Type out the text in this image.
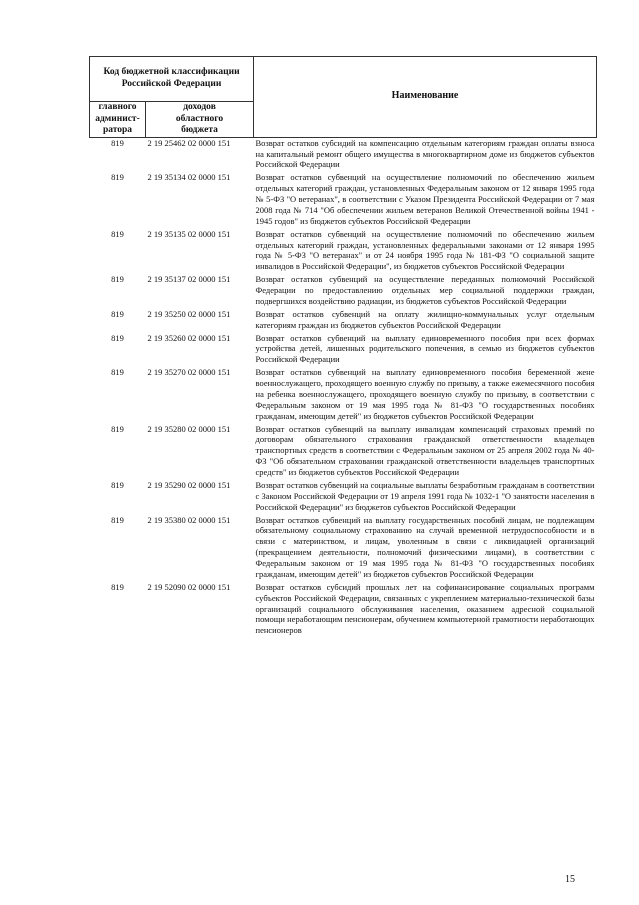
Код бюджетной классификации Российской Федерации		Наименование
главного
админист-
ратора	доходов
областного
бюджета	
819	2 19 25462 02 0000 151	Возврат остатков субсидий на компенсацию отдельным категориям граждан оплаты взноса на капитальный ремонт общего имущества в многоквартирном доме из бюджетов субъектов Российской Федерации
819	2 19 35134 02 0000 151	Возврат остатков субвенций на осуществление полномочий по обеспечению жильем отдельных категорий граждан, установленных Федеральным законом от 12 января 1995 года № 5-ФЗ "О ветеранах", в соответствии с Указом Президента Российской Федерации от 7 мая 2008 года № 714 "Об обеспечении жильем ветеранов Великой Отечественной войны 1941 - 1945 годов" из бюджетов субъектов Российской Федерации
819	2 19 35135 02 0000 151	Возврат остатков субвенций на осуществление полномочий по обеспечению жильем отдельных категорий граждан, установленных федеральными законами от 12 января 1995 года № 5-ФЗ "О ветеранах" и от 24 ноября 1995 года № 181-ФЗ "О социальной защите инвалидов в Российской Федерации", из бюджетов субъектов Российской Федерации
819	2 19 35137 02 0000 151	Возврат остатков субвенций на осуществление переданных полномочий Российской Федерации по предоставлению отдельных мер социальной поддержки граждан, подвергшихся воздействию радиации, из бюджетов субъектов Российской Федерации
819	2 19 35250 02 0000 151	Возврат остатков субвенций на оплату жилищно-коммунальных услуг отдельным категориям граждан из бюджетов субъектов Российской Федерации
819	2 19 35260 02 0000 151	Возврат остатков субвенций на выплату единовременного пособия при всех формах устройства детей, лишенных родительского попечения, в семью из бюджетов субъектов Российской Федерации
819	2 19 35270 02 0000 151	Возврат остатков субвенций на выплату единовременного пособия беременной жене военнослужащего, проходящего военную службу по призыву, а также ежемесячного пособия на ребенка военнослужащего, проходящего военную службу по призыву, в соответствии с Федеральным законом от 19 мая 1995 года № 81-ФЗ "О государственных пособиях гражданам, имеющим детей" из бюджетов субъектов Российской Федерации
819	2 19 35280 02 0000 151	Возврат остатков субвенций на выплату инвалидам компенсаций страховых премий по договорам обязательного страхования гражданской ответственности владельцев транспортных средств в соответствии с Федеральным законом от 25 апреля 2002 года № 40-ФЗ "Об обязательном страховании гражданской ответственности владельцев транспортных средств" из бюджетов субъектов Российской Федерации
819	2 19 35290 02 0000 151	Возврат остатков субвенций на социальные выплаты безработным гражданам в соответствии с Законом Российской Федерации от 19 апреля 1991 года № 1032-1 "О занятости населения в Российской Федерации" из бюджетов субъектов Российской Федерации
819	2 19 35380 02 0000 151	Возврат остатков субвенций на выплату государственных пособий лицам, не подлежащим обязательному социальному страхованию на случай временной нетрудоспособности и в связи с материнством, и лицам, уволенным в связи с ликвидацией организаций (прекращением деятельности, полномочий физическими лицами), в соответствии с Федеральным законом от 19 мая 1995 года № 81-ФЗ "О государственных пособиях гражданам, имеющим детей" из бюджетов субъектов Российской Федерации
819	2 19 52090 02 0000 151	Возврат остатков субсидий прошлых лет на софинансирование социальных программ субъектов Российской Федерации, связанных с укреплением материально-технической базы организаций социального обслуживания населения, оказанием адресной социальной помощи неработающим пенсионерам, обучением компьютерной грамотности неработающих пенсионеров
15
